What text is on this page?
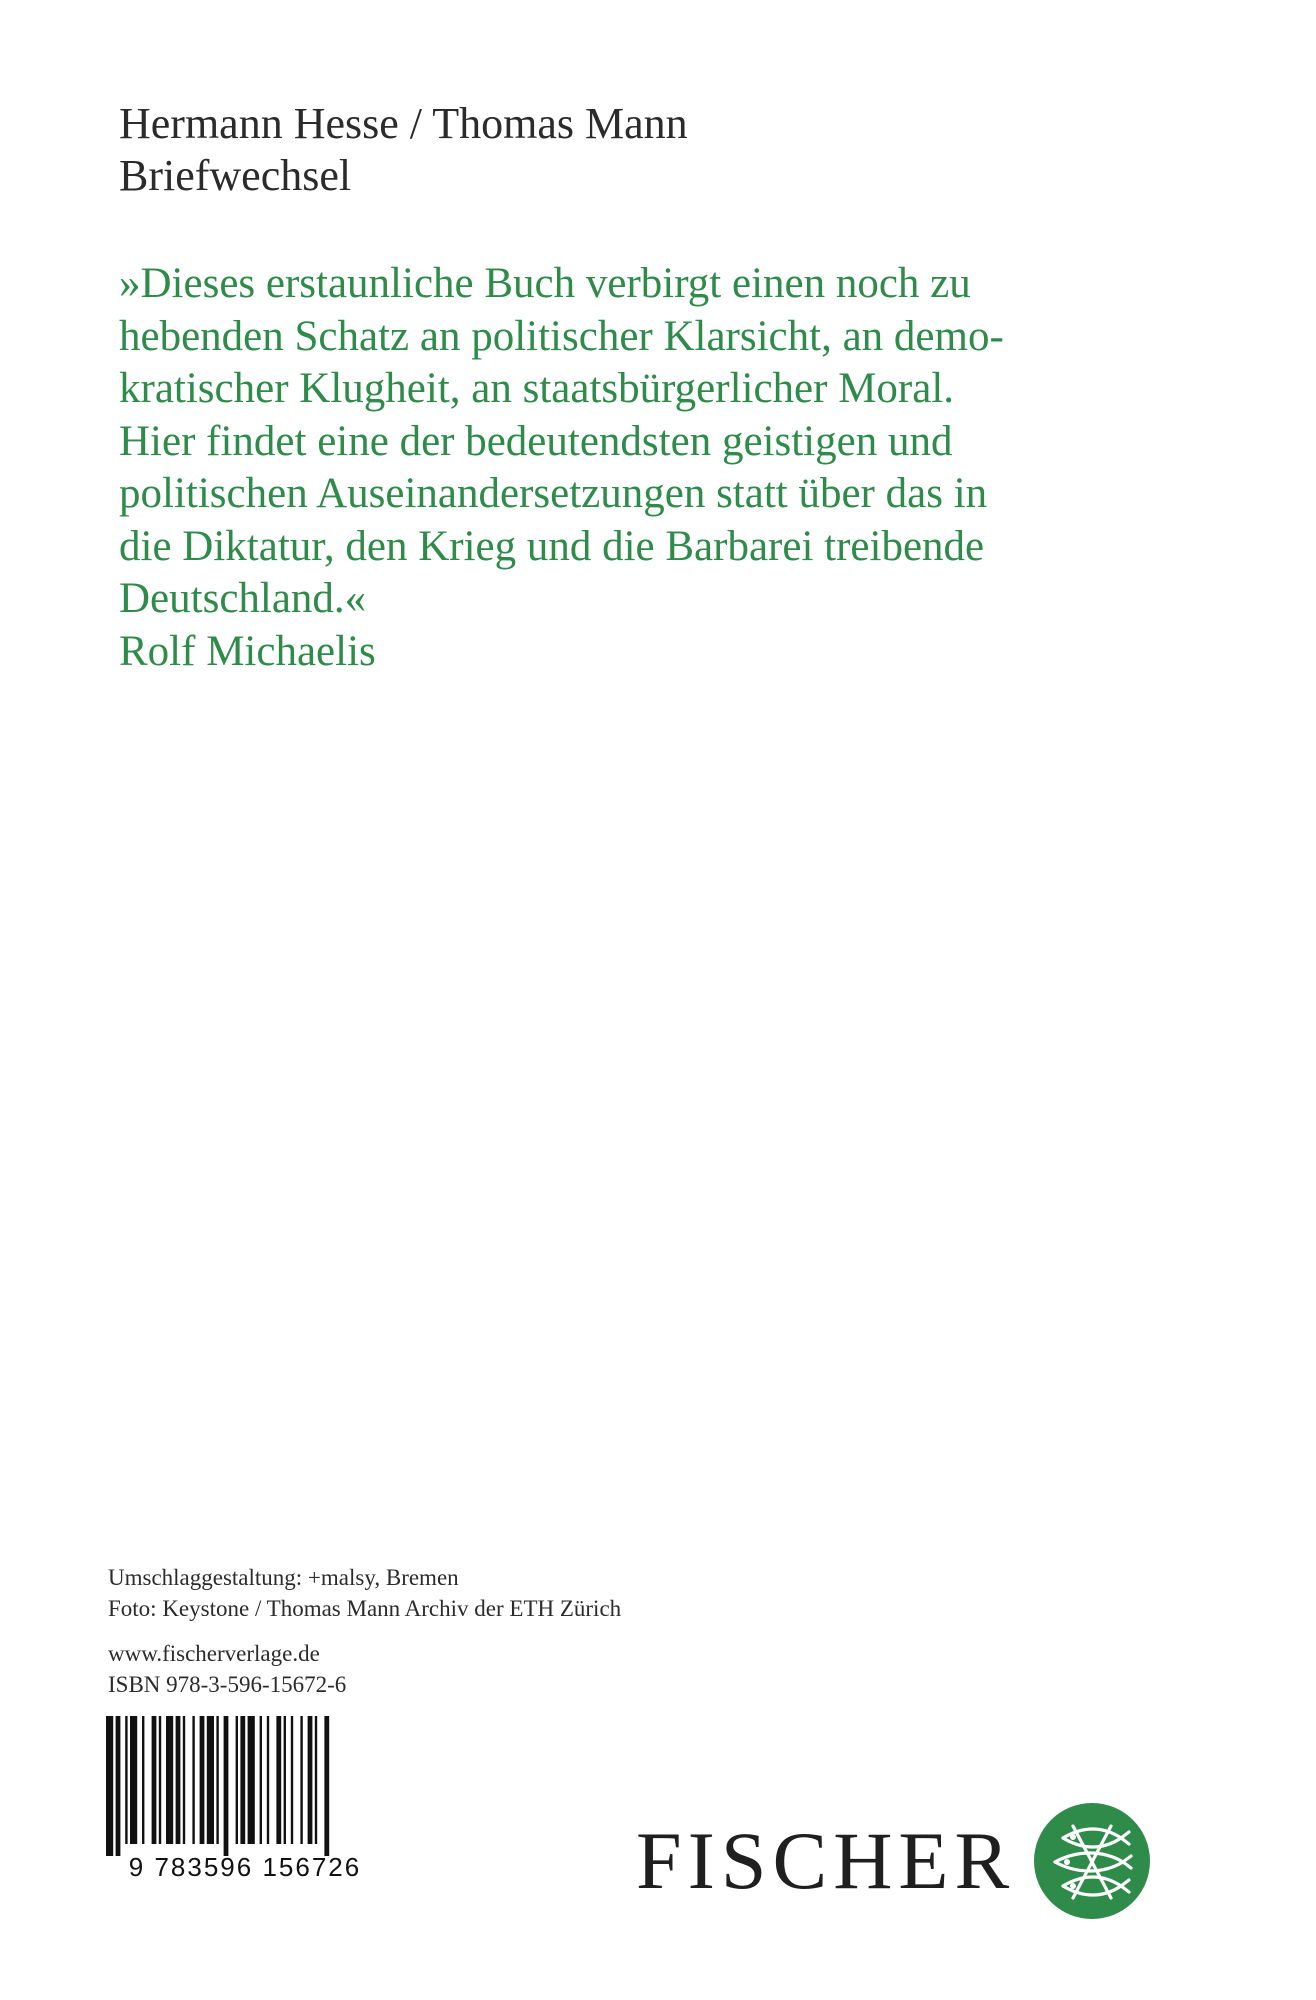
Hermann Hesse / Thomas Mann
Briefwechsel
»Dieses erstaunliche Buch verbirgt einen noch zu
hebenden Schatz an politischer Klarsicht, an demo-
kratischer Klugheit, an staatsbürgerlicher Moral.
Hier findet eine der bedeutendsten geistigen und
politischen Auseinandersetzungen statt über das in
die Diktatur, den Krieg und die Barbarei treibende
Deutschland.«
Rolf Michaelis
Umschlaggestaltung: +malsy, Bremen
Foto: Keystone / Thomas Mann Archiv der ETH Zürich
www.fischerverlage.de
ISBN 978-3-596-15672-6
9 783596 156726	FISCHER
